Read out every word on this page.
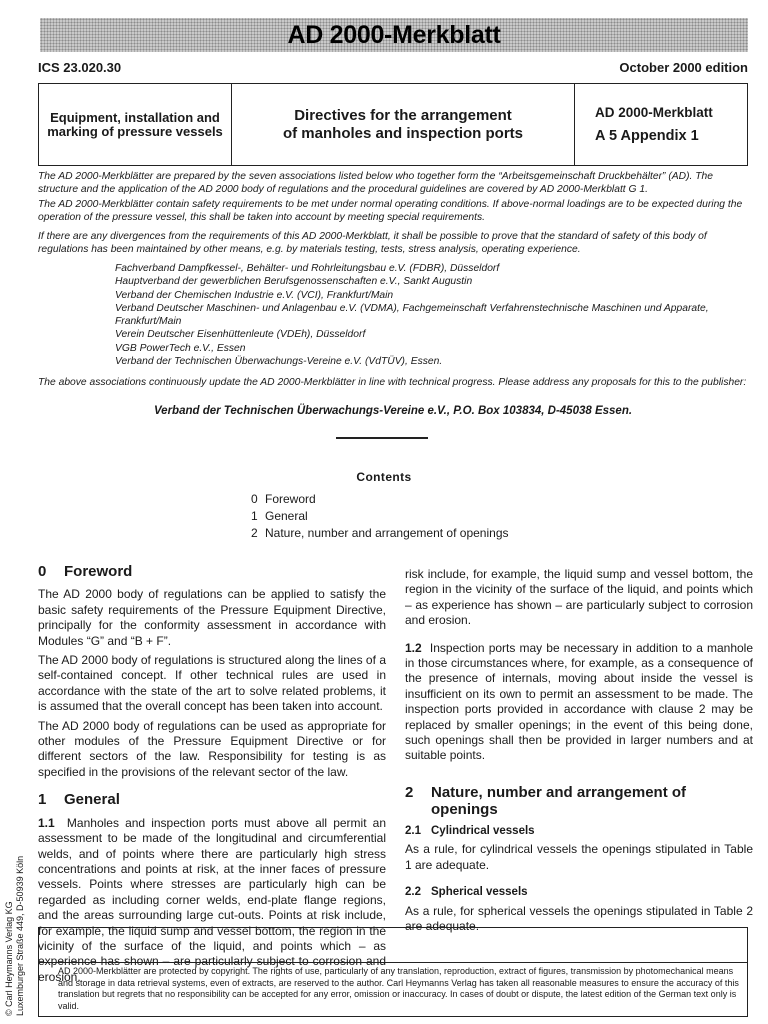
AD 2000-Merkblatt
ICS 23.020.30	October 2000 edition
Equipment, installation and marking of pressure vessels
Directives for the arrangement
of manholes and inspection ports
AD 2000-Merkblatt
A 5 Appendix 1
The AD 2000-Merkblätter are prepared by the seven associations listed below who together form the “Arbeitsgemeinschaft Druckbehälter” (AD). The structure and the application of the AD 2000 body of regulations and the procedural guidelines are covered by AD 2000-Merkblatt G 1.
The AD 2000-Merkblätter contain safety requirements to be met under normal operating conditions. If above-normal loadings are to be expected during the operation of the pressure vessel, this shall be taken into account by meeting special requirements.
If there are any divergences from the requirements of this AD 2000-Merkblatt, it shall be possible to prove that the standard of safety of this body of regulations has been maintained by other means, e.g. by materials testing, tests, stress analysis, operating experience.
Fachverband Dampfkessel-, Behälter- und Rohrleitungsbau e.V. (FDBR), Düsseldorf
Hauptverband der gewerblichen Berufsgenossenschaften e.V., Sankt Augustin
Verband der Chemischen Industrie e.V. (VCI), Frankfurt/Main
Verband Deutscher Maschinen- und Anlagenbau e.V. (VDMA), Fachgemeinschaft Verfahrenstechnische Maschinen und Apparate, Frankfurt/Main
Verein Deutscher Eisenhüttenleute (VDEh), Düsseldorf
VGB PowerTech e.V., Essen
Verband der Technischen Überwachungs-Vereine e.V. (VdTÜV), Essen.
The above associations continuously update the AD 2000-Merkblätter in line with technical progress. Please address any proposals for this to the publisher:
Verband der Technischen Überwachungs-Vereine e.V., P.O. Box 103834, D-45038 Essen.
Contents
0 Foreword
1 General
2 Nature, number and arrangement of openings
0 Foreword

The AD 2000 body of regulations can be applied to satisfy the basic safety requirements of the Pressure Equipment Directive, principally for the conformity assessment in accordance with Modules “G” and “B + F”.

The AD 2000 body of regulations is structured along the lines of a self-contained concept. If other technical rules are used in accordance with the state of the art to solve related problems, it is assumed that the overall concept has been taken into account.

The AD 2000 body of regulations can be used as appropriate for other modules of the Pressure Equipment Directive or for different sectors of the law. Responsibility for testing is as specified in the provisions of the relevant sector of the law.

1 General

1.1 Manholes and inspection ports must above all permit an assessment to be made of the longitudinal and circumferential welds, and of points where there are particularly high stress concentrations and points at risk, at the inner faces of pressure vessels. Points where stresses are particularly high can be regarded as including corner welds, end-plate flange regions, and the areas surrounding large cut-outs. Points at risk include, for example, the liquid sump and vessel bottom, the region in the vicinity of the surface of the liquid, and points which – as erosion.

risk include, for example, the liquid sump and vessel bottom, the region in the vicinity of the surface of the liquid, and points which – as experience has shown – are particularly subject to corrosion and erosion.

1.2 Inspection ports may be necessary in addition to a manhole in those circumstances where, for example, as a consequence of the presence of internals, moving about inside the vessel is insufficient on its own to permit an assessment to be made. The inspection ports provided in accordance with clause 2 may be replaced by smaller openings; in the event of this being done, such openings shall then be provided in larger numbers and at suitable points.

2 Nature, number and arrangement of
openings
2.1 Cylindrical vessels

As a rule, for cylindrical vessels the openings stipulated in Table 1 are adequate.

2.2 Spherical vessels

As a rule, for spherical vessels the openings stipulated in Table 2 are adequate.

AD 2000-Merkblätter are protected by copyright. The rights of use, particularly of any translation, reproduction, extract of figures, transmission by photomechanical means and storage in data retrieval systems, even of extracts, are reserved to the author. Carl Heymanns Verlag has taken all reasonable measures to ensure the accuracy of this translation but regrets that no responsibility can be accepted for any error, omission or inaccuracy. In cases of doubt or dispute, the latest edition of the German text only is valid.
© Carl Heymanns Verlag KG Luxemburger Straße 449, D-50939 Köln
